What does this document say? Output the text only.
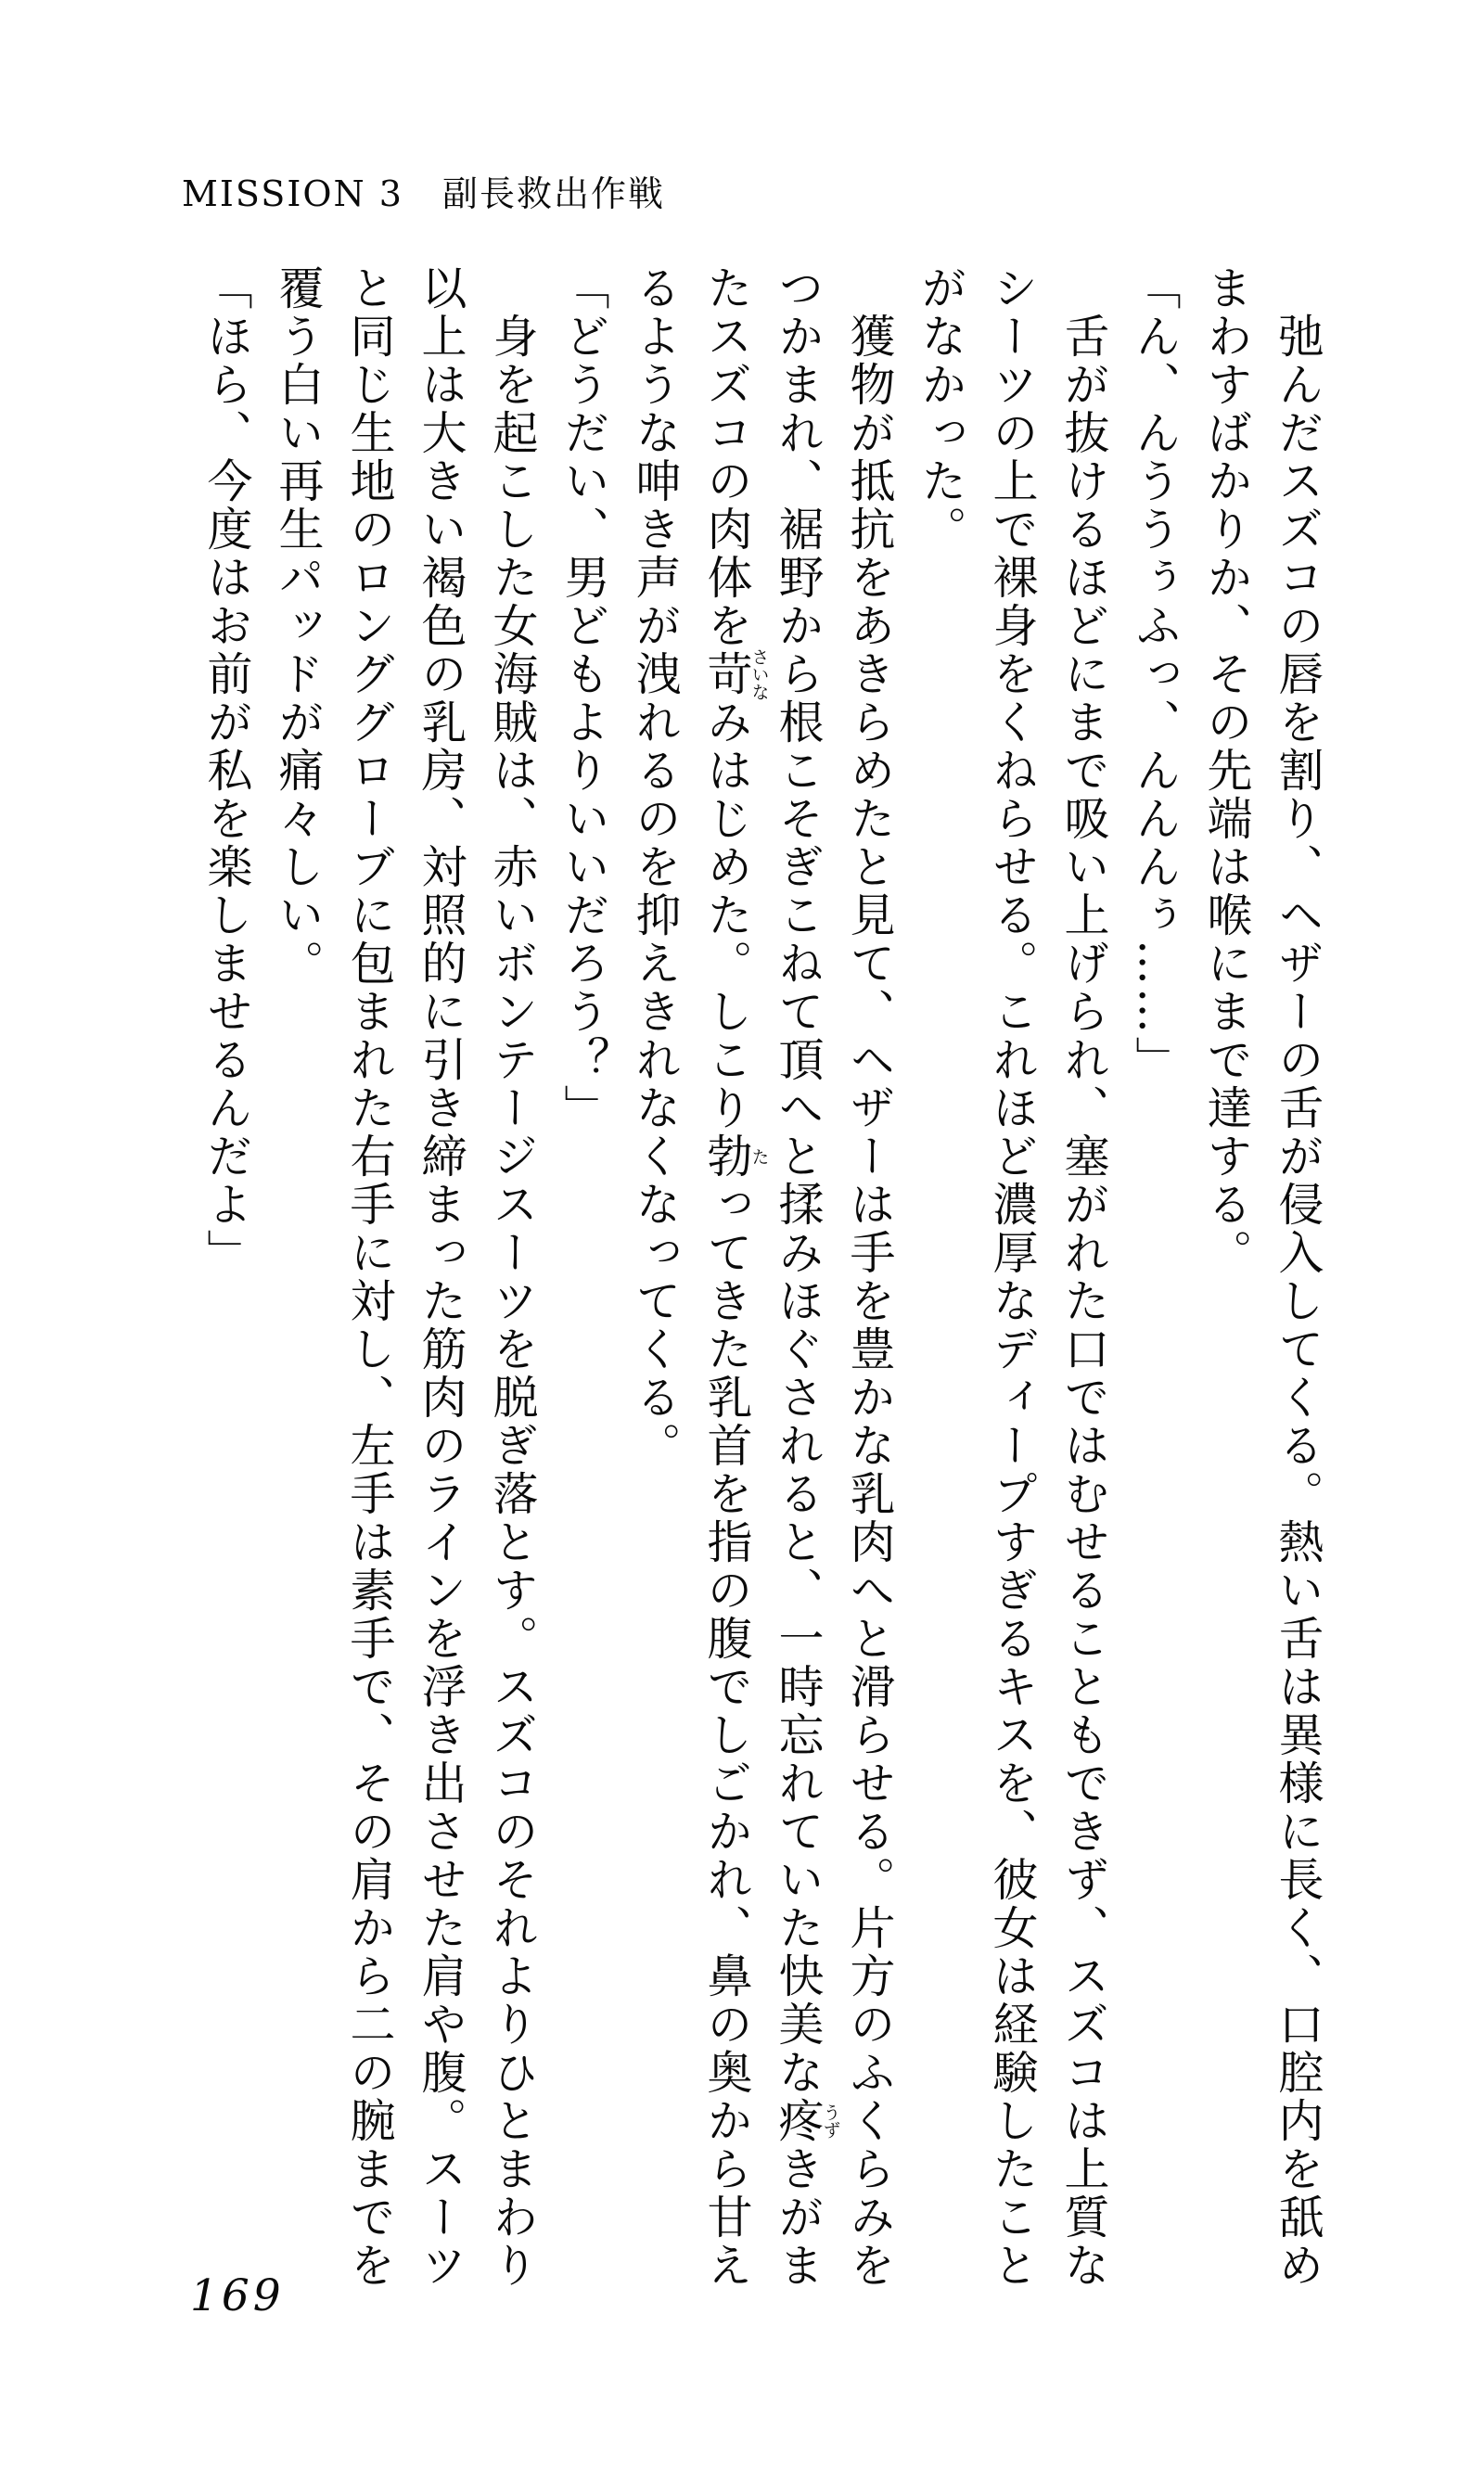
MISSION 3 副長救出作戦

弛んだスズコの唇を割り、ヘザーの舌が侵入してくる。熱い舌は異様に長く、口腔内を舐めまわすばかりか、その先端は喉にまで達する。

「ん、んううぅふっ、んんんぅ……」

舌が抜けるほどにまで吸い上げられ、塞がれた口ではむせることもできず、スズコは上質なシーツの上で裸身をくねらせる。これほど濃厚なディープすぎるキスを、彼女は経験したことがなかった。

獲物が抵抗をあきらめたと見て、ヘザーは手を豊かな乳肉へと滑らせる。片方のふくらみをつかまれ、裾野から根こそぎこねて頂へと揉みほぐされると、一時忘れていた快美な疼うずきがまたスズコの肉体を苛さいなみはじめた。しこり勃たってきた乳首を指の腹でしごかれ、鼻の奥から甘えるような呻き声が洩れるのを抑えきれなくなってくる。

「どうだい、男どもよりいいだろう？」

身を起こした女海賊は、赤いボンテージスーツを脱ぎ落とす。スズコのそれよりひとまわり以上は大きい褐色の乳房、対照的に引き締まった筋肉のラインを浮き出させた肩や腹。スーツと同じ生地のロンググローブに包まれた右手に対し、左手は素手で、その肩から二の腕までを覆う白い再生パッドが痛々しい。

「ほら、今度はお前が私を楽しませるんだよ」

169
